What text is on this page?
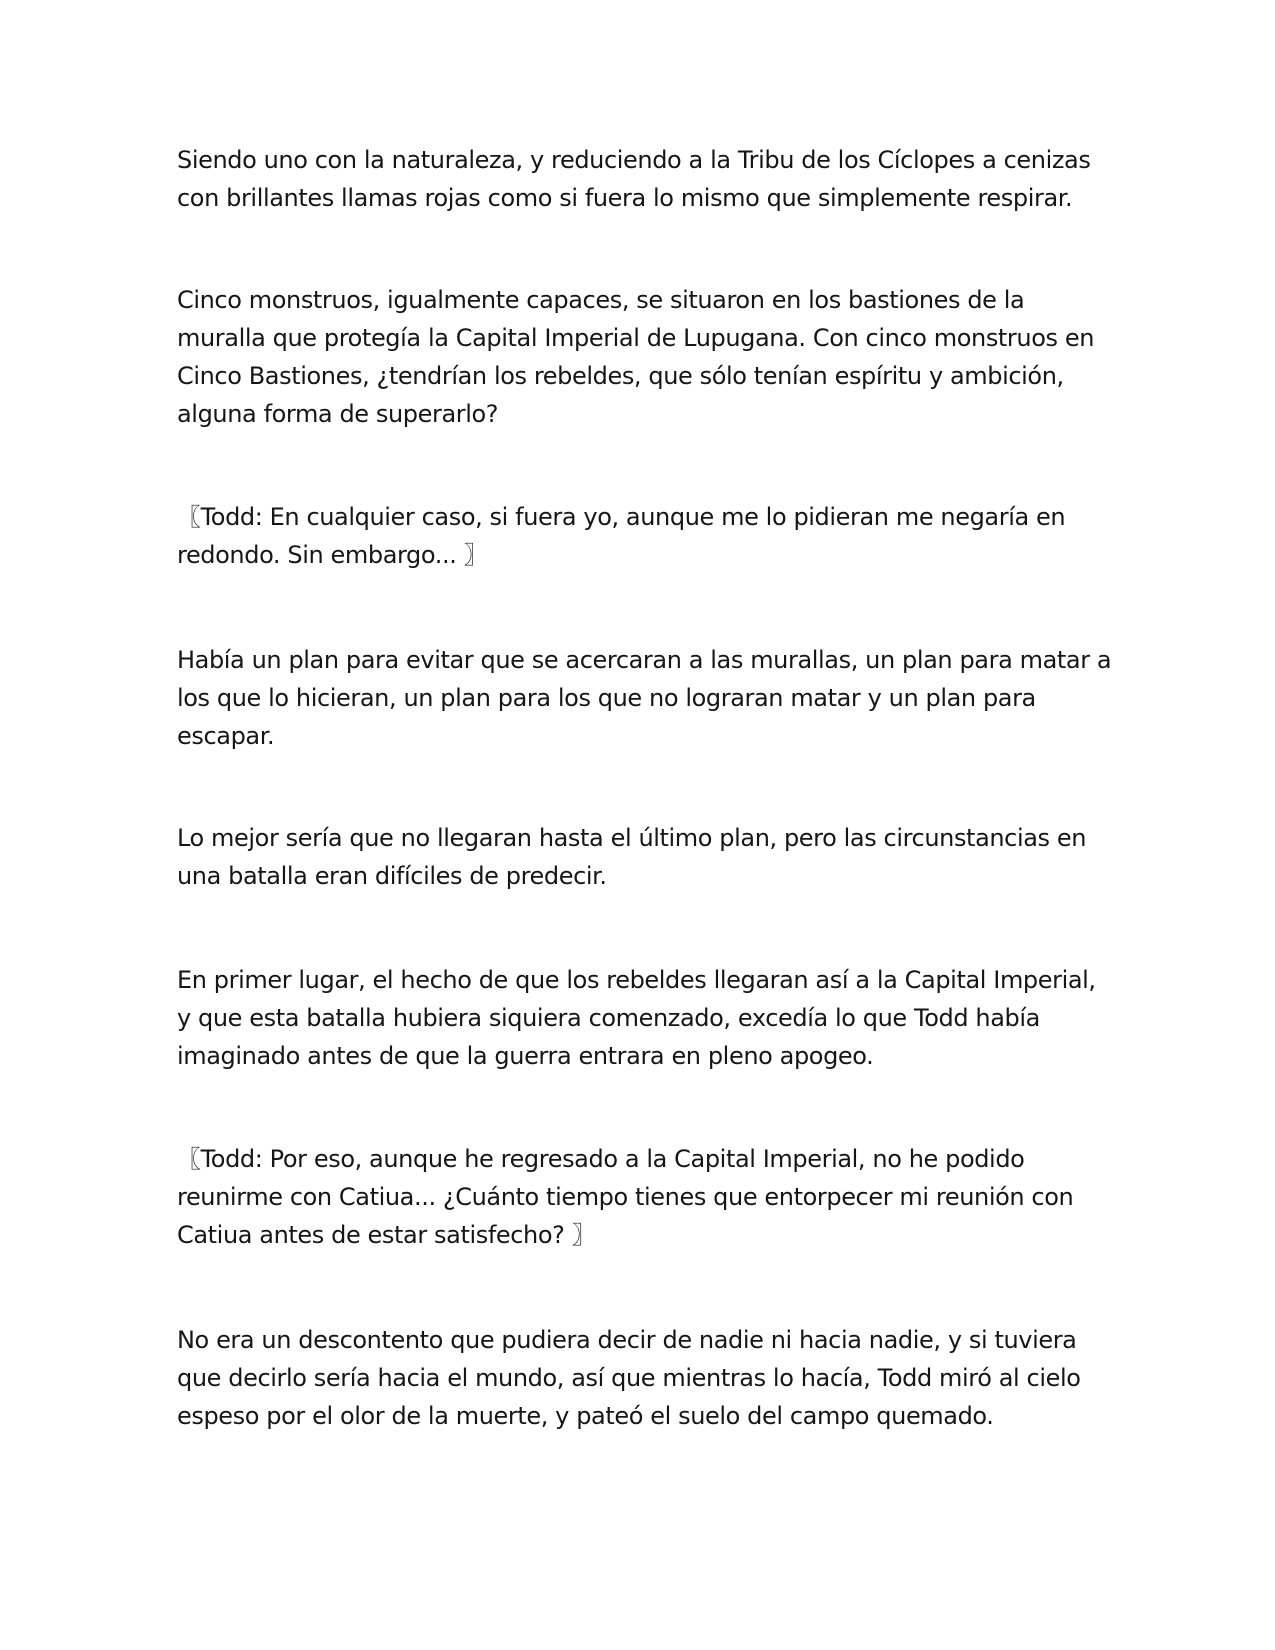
Siendo uno con la naturaleza, y reduciendo a la Tribu de los Cíclopes a cenizas con brillantes llamas rojas como si fuera lo mismo que simplemente respirar.

Cinco monstruos, igualmente capaces, se situaron en los bastiones de la muralla que protegía la Capital Imperial de Lupugana. Con cinco monstruos en Cinco Bastiones, ¿tendrían los rebeldes, que sólo tenían espíritu y ambición, alguna forma de superarlo?

〖Todd: En cualquier caso, si fuera yo, aunque me lo pidieran me negaría en redondo. Sin embargo... 〗

Había un plan para evitar que se acercaran a las murallas, un plan para matar a los que lo hicieran, un plan para los que no lograran matar y un plan para escapar.

Lo mejor sería que no llegaran hasta el último plan, pero las circunstancias en una batalla eran difíciles de predecir.

En primer lugar, el hecho de que los rebeldes llegaran así a la Capital Imperial, y que esta batalla hubiera siquiera comenzado, excedía lo que Todd había imaginado antes de que la guerra entrara en pleno apogeo.

〖Todd: Por eso, aunque he regresado a la Capital Imperial, no he podido reunirme con Catiua... ¿Cuánto tiempo tienes que entorpecer mi reunión con Catiua antes de estar satisfecho? 〗

No era un descontento que pudiera decir de nadie ni hacia nadie, y si tuviera que decirlo sería hacia el mundo, así que mientras lo hacía, Todd miró al cielo espeso por el olor de la muerte, y pateó el suelo del campo quemado.
